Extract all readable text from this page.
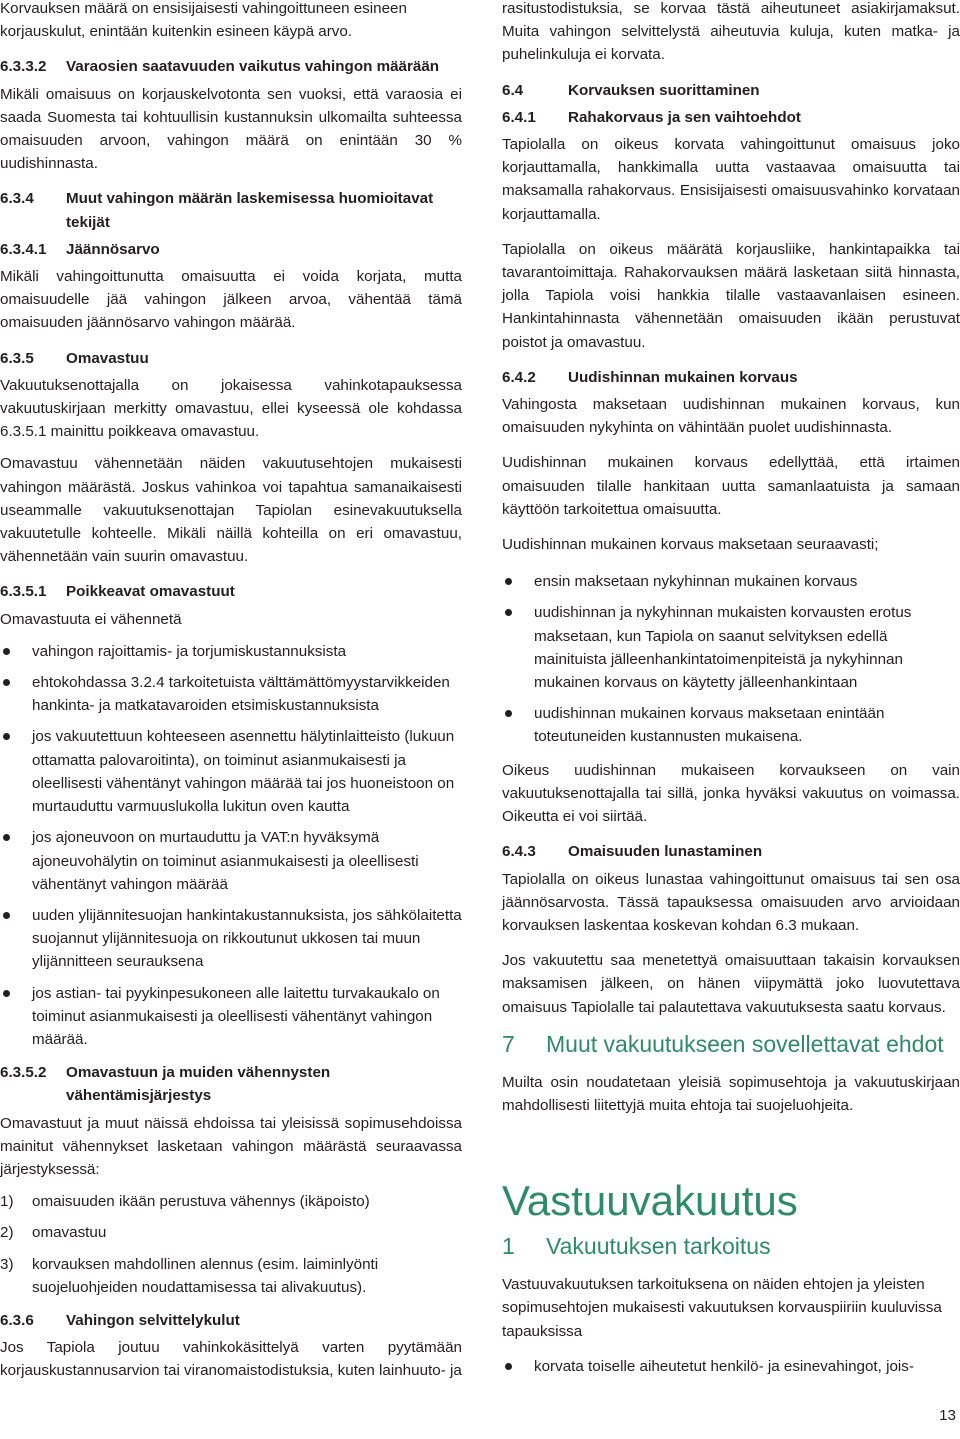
Korvauksen määrä on ensisijaisesti vahingoittuneen esineen korjauskulut, enintään kuitenkin esineen käypä arvo.

6.3.3.2	Varaosien saatavuuden vaikutus vahingon määrään

Mikäli omaisuus on korjauskelvotonta sen vuoksi, että varaosia ei saada Suomesta tai kohtuullisin kustannuksin ulkomailta suhteessa omaisuuden arvoon, vahingon määrä on enintään 30 % uudishinnasta.

6.3.4	Muut vahingon määrän laskemisessa huomioitavat tekijät
6.3.4.1	Jäännösarvo

Mikäli vahingoittunutta omaisuutta ei voida korjata, mutta omaisuudelle jää vahingon jälkeen arvoa, vähentää tämä omaisuuden jäännösarvo vahingon määrää.

6.3.5	Omavastuu

Vakuutuksenottajalla on jokaisessa vahinkotapauksessa vakuutuskirjaan merkitty omavastuu, ellei kyseessä ole kohdassa 6.3.5.1 mainittu poikkeava omavastuu.

Omavastuu vähennetään näiden vakuutusehtojen mukaisesti vahingon määrästä. Joskus vahinkoa voi tapahtua samanaikaisesti useammalle vakuutuksenottajan Tapiolan esinevakuutuksella vakuutetulle kohteelle. Mikäli näillä kohteilla on eri omavastuu, vähennetään vain suurin omavastuu.

6.3.5.1	Poikkeavat omavastuut

Omavastuuta ei vähennetä

vahingon rajoittamis- ja torjumiskustannuksista
ehtokohdassa 3.2.4 tarkoitetuista välttämättömyystarvikkeiden hankinta- ja matkatavaroiden etsimiskustannuksista
jos vakuutettuun kohteeseen asennettu hälytinlaitteisto (lukuun ottamatta palovaroitinta), on toiminut asianmukaisesti ja oleellisesti vähentänyt vahingon määrää tai jos huoneistoon on murtauduttu varmuuslukolla lukitun oven kautta
jos ajoneuvoon on murtauduttu ja VAT:n hyväksymä ajoneuvohälytin on toiminut asianmukaisesti ja oleellisesti vähentänyt vahingon määrää
uuden ylijännitesuojan hankintakustannuksista, jos sähkölaitetta suojannut ylijännitesuoja on rikkoutunut ukkosen tai muun ylijännitteen seurauksena
jos astian- tai pyykinpesukoneen alle laitettu turvakaukalo on toiminut asianmukaisesti ja oleellisesti vähentänyt vahingon määrää.
6.3.5.2	Omavastuun ja muiden vähennysten vähentämisjärjestys

Omavastuut ja muut näissä ehdoissa tai yleisissä sopimusehdoissa mainitut vähennykset lasketaan vahingon määrästä seuraavassa järjestyksessä:

1) omaisuuden ikään perustuva vähennys (ikäpoisto)
2) omavastuu
3) korvauksen mahdollinen alennus (esim. laiminlyönti suojeluohjeiden noudattamisessa tai alivakuutus).
6.3.6	Vahingon selvittelykulut

Jos Tapiola joutuu vahinkokäsittelyä varten pyytämään korjauskustannusarvion tai viranomaistodistuksia, kuten lainhuuto- ja

rasitustodistuksia, se korvaa tästä aiheutuneet asiakirjamaksut. Muita vahingon selvittelystä aiheutuvia kuluja, kuten matka- ja puhelinkuluja ei korvata.

6.4	Korvauksen suorittaminen
6.4.1	Rahakorvaus ja sen vaihtoehdot

Tapiolalla on oikeus korvata vahingoittunut omaisuus joko korjauttamalla, hankkimalla uutta vastaavaa omaisuutta tai maksamalla rahakorvaus. Ensisijaisesti omaisuusvahinko korvataan korjauttamalla.

Tapiolalla on oikeus määrätä korjausliike, hankintapaikka tai tavarantoimittaja. Rahakorvauksen määrä lasketaan siitä hinnasta, jolla Tapiola voisi hankkia tilalle vastaavanlaisen esineen. Hankintahinnasta vähennetään omaisuuden ikään perustuvat poistot ja omavastuu.

6.4.2	Uudishinnan mukainen korvaus

Vahingosta maksetaan uudishinnan mukainen korvaus, kun omaisuuden nykyhinta on vähintään puolet uudishinnasta.

Uudishinnan mukainen korvaus edellyttää, että irtaimen omaisuuden tilalle hankitaan uutta samanlaatuista ja samaan käyttöön tarkoitettua omaisuutta.

Uudishinnan mukainen korvaus maksetaan seuraavasti;

ensin maksetaan nykyhinnan mukainen korvaus
uudishinnan ja nykyhinnan mukaisten korvausten erotus maksetaan, kun Tapiola on saanut selvityksen edellä mainituista jälleenhankintatoimenpiteistä ja nykyhinnan mukainen korvaus on käytetty jälleenhankintaan
uudishinnan mukainen korvaus maksetaan enintään toteutuneiden kustannusten mukaisena.

Oikeus uudishinnan mukaiseen korvaukseen on vain vakuutuksenottajalla tai sillä, jonka hyväksi vakuutus on voimassa. Oikeutta ei voi siirtää.

6.4.3	Omaisuuden lunastaminen

Tapiolalla on oikeus lunastaa vahingoittunut omaisuus tai sen osa jäännösarvosta. Tässä tapauksessa omaisuuden arvo arvioidaan korvauksen laskentaa koskevan kohdan 6.3 mukaan.

Jos vakuutettu saa menetettyä omaisuuttaan takaisin korvauksen maksamisen jälkeen, on hänen viipymättä joko luovutettava omaisuus Tapiolalle tai palautettava vakuutuksesta saatu korvaus.

7	Muut vakuutukseen sovellettavat ehdot

Muilta osin noudatetaan yleisiä sopimusehtoja ja vakuutuskirjaan mahdollisesti liitettyjä muita ehtoja tai suojeluohjeita.

Vastuuvakuutus
1	Vakuutuksen tarkoitus

Vastuuvakuutuksen tarkoituksena on näiden ehtojen ja yleisten sopimusehtojen mukaisesti vakuutuksen korvauspiiriin kuuluvissa tapauksissa

korvata toiselle aiheutetut henkilö- ja esinevahingot, jois-
13
